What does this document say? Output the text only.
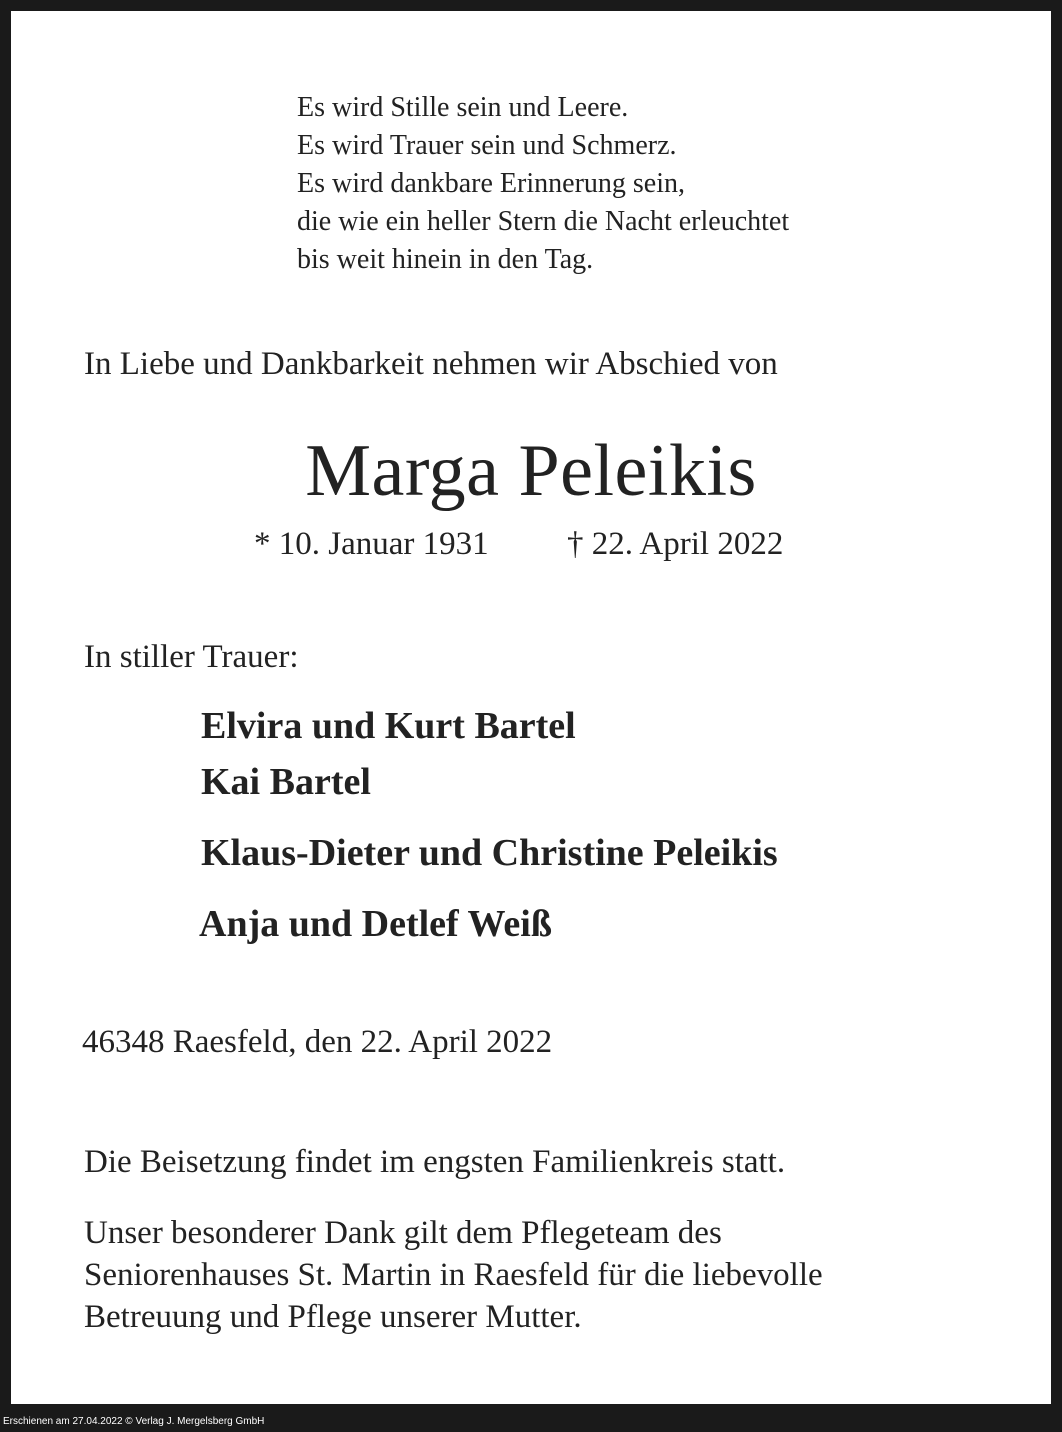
Es wird Stille sein und Leere.
Es wird Trauer sein und Schmerz.
Es wird dankbare Erinnerung sein,
die wie ein heller Stern die Nacht erleuchtet
bis weit hinein in den Tag.

In Liebe und Dankbarkeit nehmen wir Abschied von

Marga Peleikis

* 10. Januar 1931 † 22. April 2022

In stiller Trauer:

Elvira und Kurt Bartel

Kai Bartel

Klaus-Dieter und Christine Peleikis

Anja und Detlef Weiß

46348 Raesfeld, den 22. April 2022

Die Beisetzung findet im engsten Familienkreis statt.

Unser besonderer Dank gilt dem Pflegeteam des
Seniorenhauses St. Martin in Raesfeld für die liebevolle
Betreuung und Pflege unserer Mutter.
Erschienen am 27.04.2022 © Verlag J. Mergelsberg GmbH
